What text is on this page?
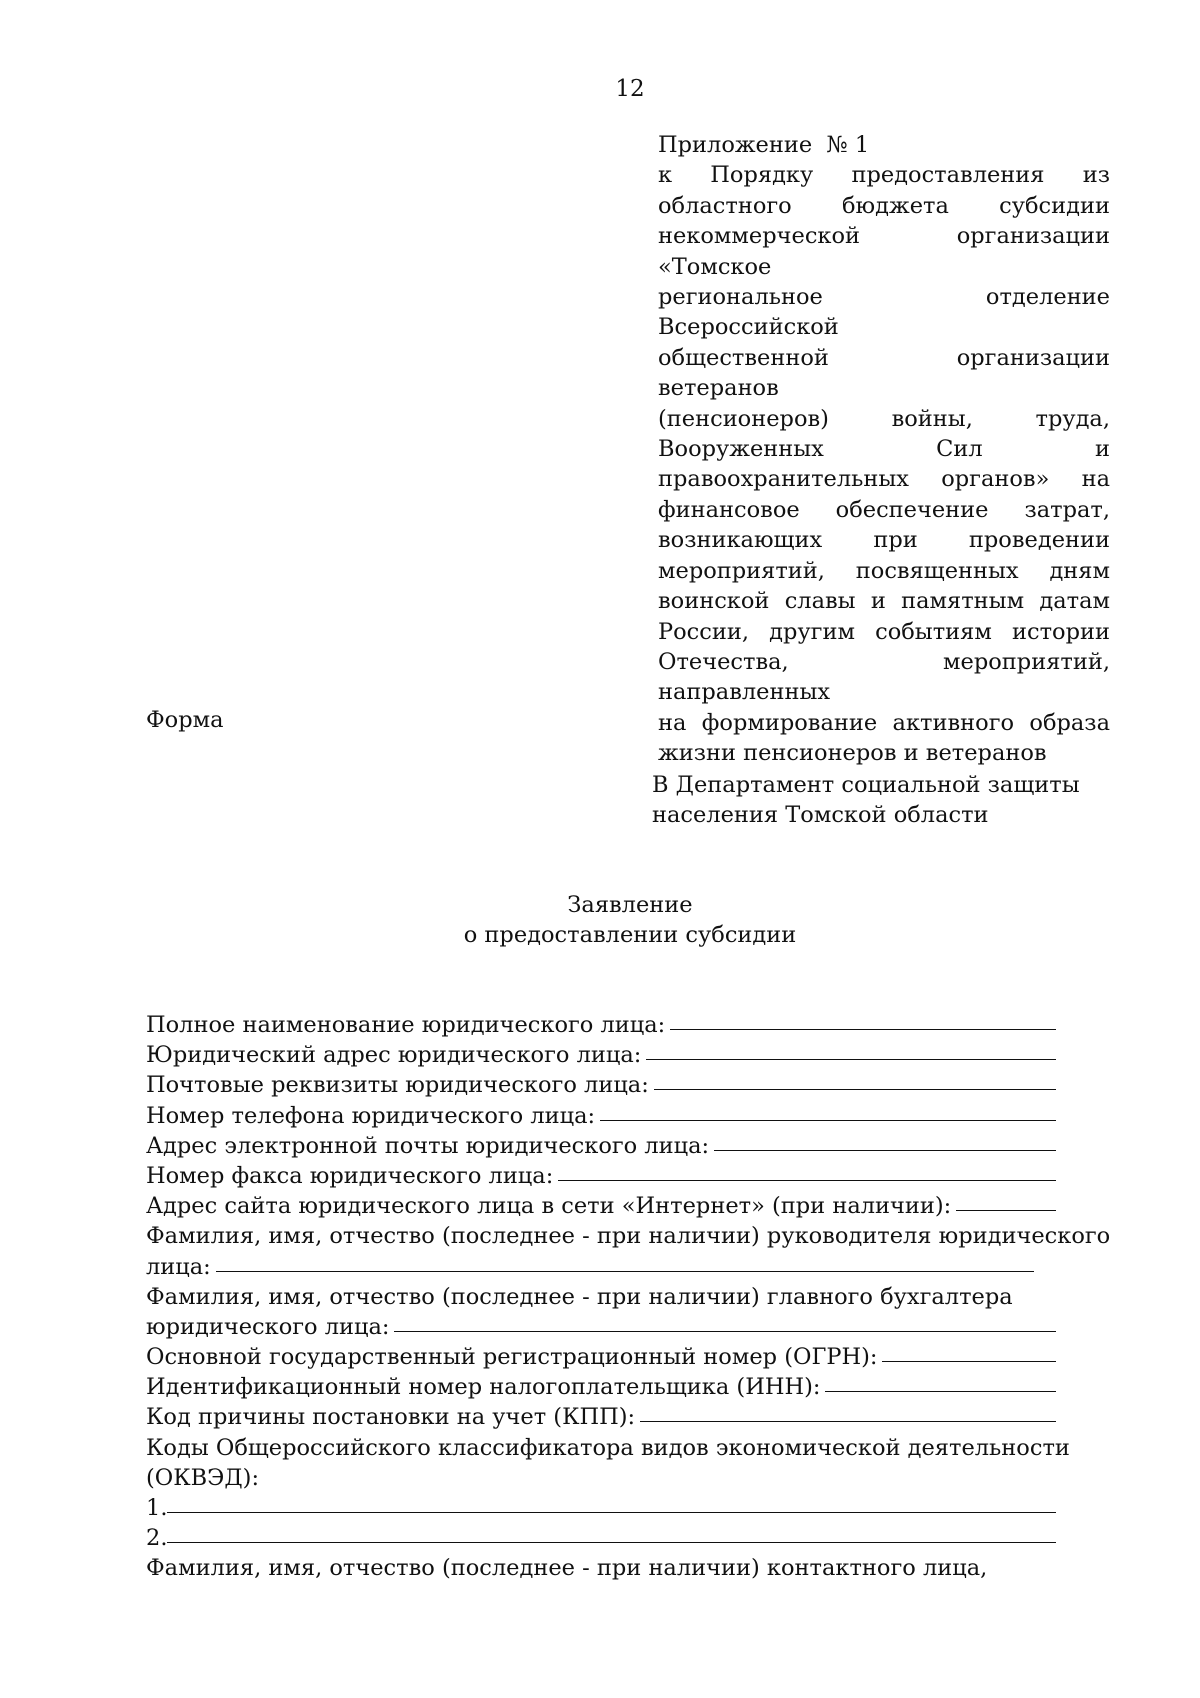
12
Приложение  № 1
к Порядку предоставления из
областного бюджета субсидии
некоммерческой организации «Томское
региональное отделение Всероссийской
общественной организации ветеранов
(пенсионеров) войны, труда,
Вооруженных Сил и
правоохранительных органов» на
финансовое обеспечение затрат,
возникающих при проведении
мероприятий, посвященных дням
воинской славы и памятным датам
России, другим событиям истории
Отечества, мероприятий, направленных
на формирование активного образа
жизни пенсионеров и ветеранов
Форма
В Департамент социальной защиты
населения Томской области
Заявление
о предоставлении субсидии
Полное наименование юридического лица:
Юридический адрес юридического лица:
Почтовые реквизиты юридического лица:
Номер телефона юридического лица:
Адрес электронной почты юридического лица:
Номер факса юридического лица:
Адрес сайта юридического лица в сети «Интернет» (при наличии):
Фамилия, имя, отчество (последнее - при наличии) руководителя юридического
лица:
Фамилия, имя, отчество (последнее - при наличии) главного бухгалтера
юридического лица:
Основной государственный регистрационный номер (ОГРН):
Идентификационный номер налогоплательщика (ИНН):
Код причины постановки на учет (КПП):
Коды Общероссийского классификатора видов экономической деятельности
(ОКВЭД):
1.
2.
Фамилия, имя, отчество (последнее - при наличии) контактного лица,
